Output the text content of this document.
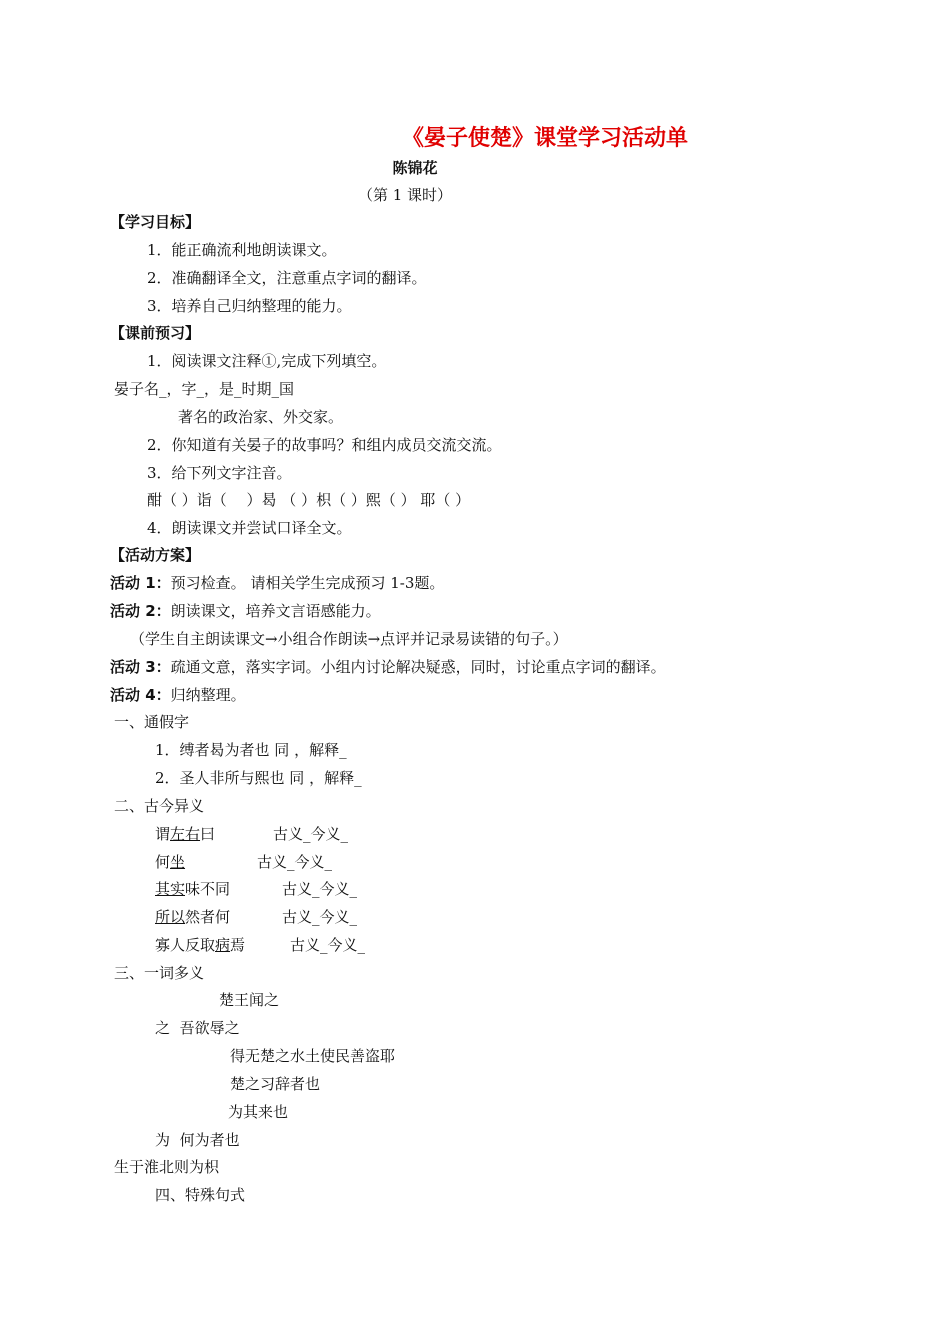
《晏子使楚》课堂学习活动单
陈锦花
（第 1 课时）
【学习目标】
1．能正确流利地朗读课文。
2．准确翻译全文，注意重点字词的翻译。
3．培养自己归纳整理的能力。
【课前预习】
1．阅读课文注释①,完成下列填空。
晏子名_，字_，是_时期_国
著名的政治家、外交家。
2．你知道有关晏子的故事吗？和组内成员交流交流。
3．给下列文字注音。
酣（ ）诣（　 ）曷 （ ）枳（ ）熙（ ） 耶（ ）
4．朗读课文并尝试口译全文。
【活动方案】
活动 1：预习检查。 请相关学生完成预习 1-3题。
活动 2：朗读课文，培养文言语感能力。
（学生自主朗读课文→小组合作朗读→点评并记录易读错的句子。）
活动 3：疏通文意，落实字词。小组内讨论解决疑惑，同时，讨论重点字词的翻译。
活动 4：归纳整理。
一、通假字
1．缚者曷为者也 同 ，解释_
2．圣人非所与熙也 同 ，解释_
二、古今异义
谓左右曰	古义_今义_
何坐	古义_今义_
其实味不同	古义_今义_
所以然者何	古义_今义_
寡人反取病焉	古义_今义_
三、一词多义
楚王闻之
之 吾欲辱之
得无楚之水土使民善盗耶
楚之习辞者也
为其来也
为 何为者也
生于淮北则为枳
四、特殊句式
